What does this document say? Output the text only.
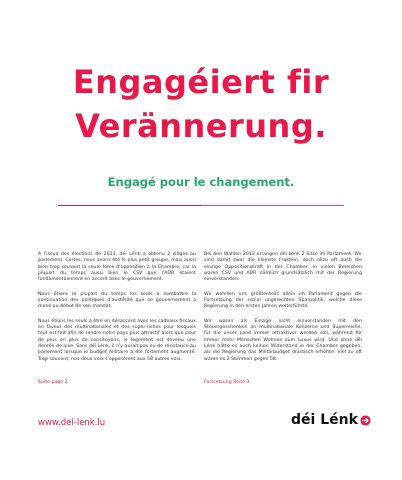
Engagéiert fir
Verännerung.
Engagé pour le changement.

A l'issue des élections de 2013, déi Lénk a obtenu 2 sièges au parlement. Certes, nous avons été le plus petit groupe, mais aussi bien trop souvent la seule force d'opposition à la Chambre, car la plupart du temps aussi bien le CSV que l'ADR étaient fondamentalement en accord avec le gouvernement.

Nous étions la plupart du temps les seuls à combattre la continuation des politiques d'austérité que ce gouvernement a mené au début de son mandat.

Nous étions les seuls à être en désaccord avec les cadeaux fiscaux en faveur des multinationales et des super-riches pour lesquels tout est fait afin de rendre notre pays plus attractif alors que pour de plus en plus de concitoyens, le logement est devenu une denrée de luxe. Sans déi Lénk, il n'y aurait pas eu de résistance au parlement lorsque le budget militaire a été fortement augmenté. Trop souvent, nos deux voix s'opposèrent aux 58 autres voix.

Suite page 2

Bei den Wahlen 2013 errangen déi Lénk 2 Sitze im Parlament. Wir sind damit zwar die kleinste Fraktion, doch allzu oft auch die einzige Oppositionskraft in der Chamber. In vielen Bereichen waren CSV und ADR nämlich grundsätzlich mit der Regierung einverstanden.

Wir wehrten uns größtenteils allein im Parlament gegen die Fortsetzung der sozial ungerechten Sparpolitik, welche diese Regierung in den ersten Jahren weiterführte.

Wir waren als Einzige nicht einverstanden mit den Steuergeschenken an multinationale Konzerne und Superreiche, für die unser Land immer attraktiver werden soll, während für immer mehr Menschen Wohnen zum Luxus wird. Und ohne déi Lénk hätte es auch keinen Widerstand in der Chamber gegeben, als die Regierung das Militärbudget drastisch erhöhte. Viel zu oft waren es 2 Stimmen gegen 58.

Fortsetzung Seite 3
www.dei-lenk.lu	déi Lénk
